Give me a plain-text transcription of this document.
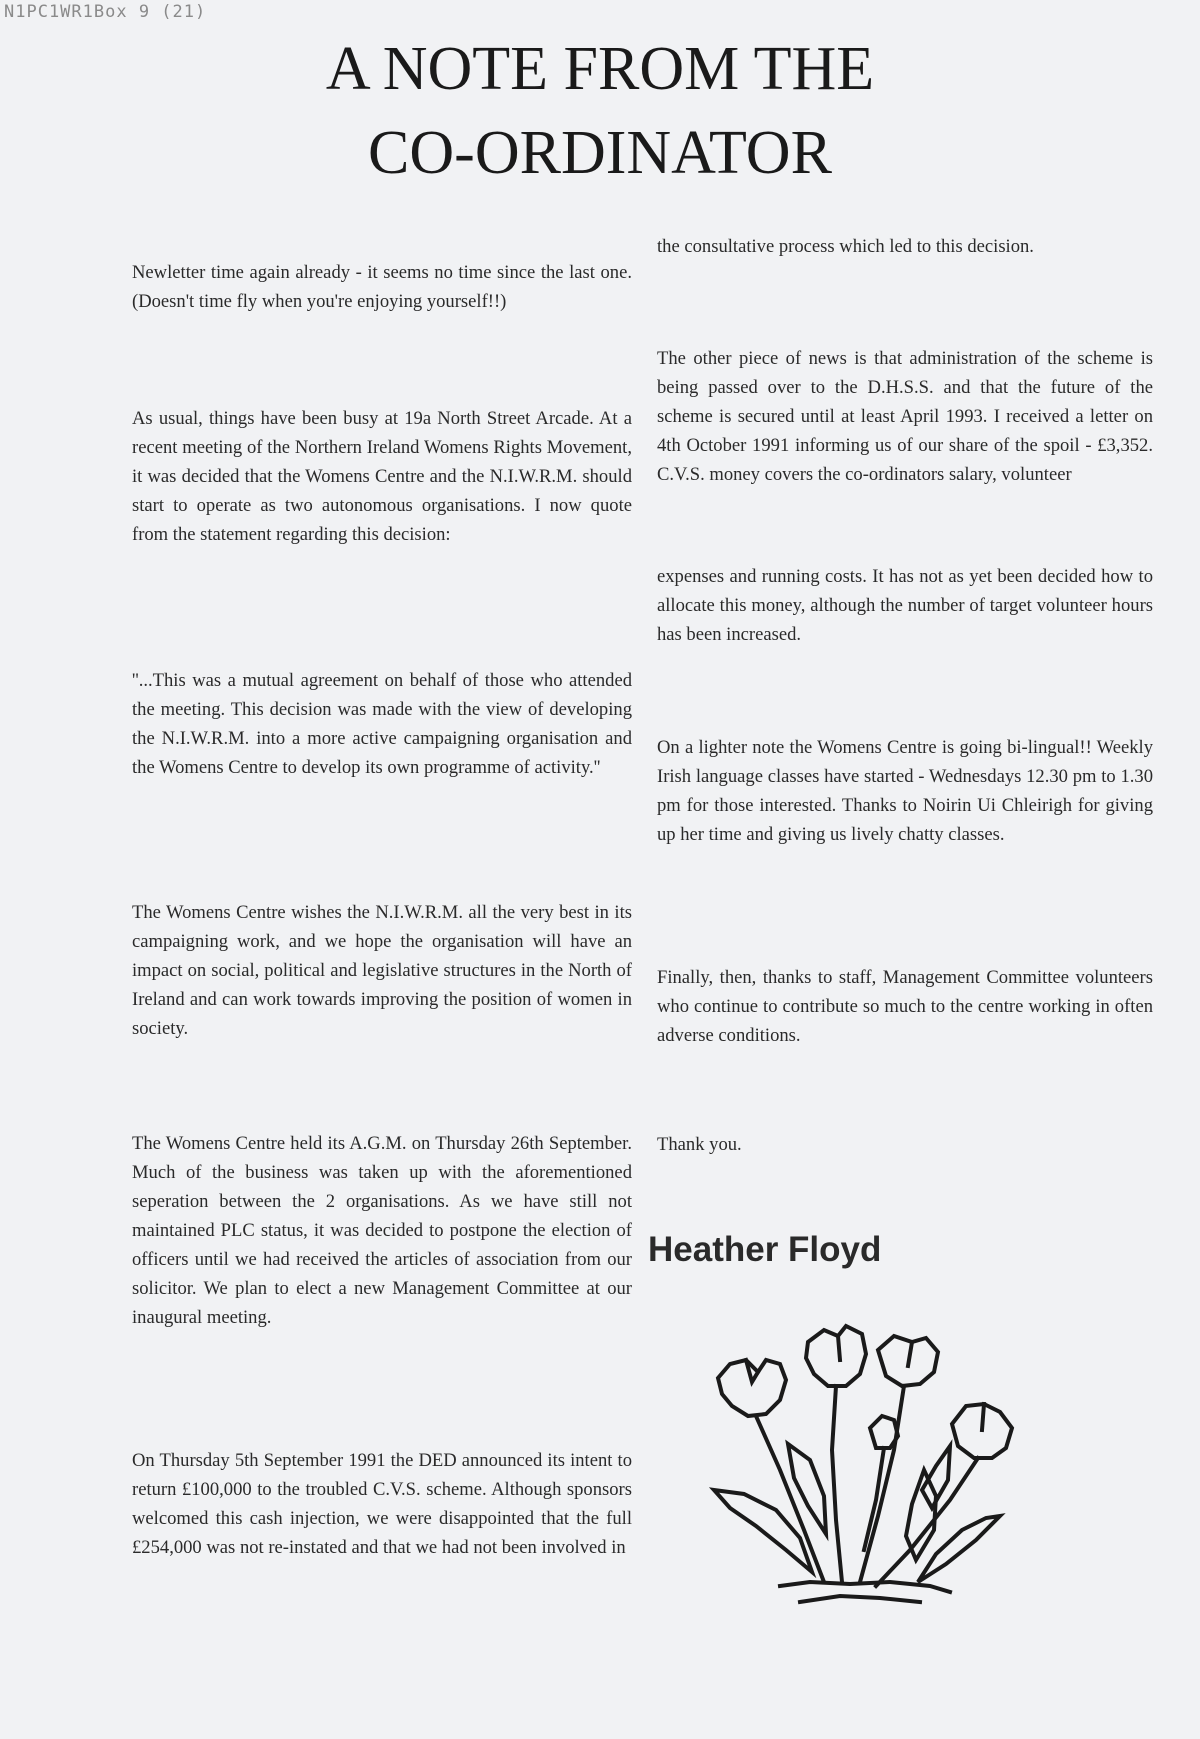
N1PC1WR1Box 9 (21)
A NOTE FROM THE
CO-ORDINATOR

Newletter time again already - it seems no time since the last one. (Doesn't time fly when you're enjoying yourself!!)

As usual, things have been busy at 19a North Street Arcade. At a recent meeting of the Northern Ireland Womens Rights Movement, it was decided that the Womens Centre and the N.I.W.R.M. should start to operate as two autonomous organisations. I now quote from the statement regarding this decision:

''...This was a mutual agreement on behalf of those who attended the meeting. This decision was made with the view of developing the N.I.W.R.M. into a more active campaigning organisation and the Womens Centre to develop its own programme of activity.''

The Womens Centre wishes the N.I.W.R.M. all the very best in its campaigning work, and we hope the organisation will have an impact on social, political and legislative structures in the North of Ireland and can work towards improving the position of women in society.

The Womens Centre held its A.G.M. on Thursday 26th September. Much of the business was taken up with the aforementioned seperation between the 2 organisations. As we have still not maintained PLC status, it was decided to postpone the election of officers until we had received the articles of association from our solicitor. We plan to elect a new Management Committee at our inaugural meeting.

On Thursday 5th September 1991 the DED announced its intent to return £100,000 to the troubled C.V.S. scheme. Although sponsors welcomed this cash injection, we were disappointed that the full £254,000 was not re-instated and that we had not been involved in

the consultative process which led to this decision.

The other piece of news is that administration of the scheme is being passed over to the D.H.S.S. and that the future of the scheme is secured until at least April 1993. I received a letter on 4th October 1991 informing us of our share of the spoil - £3,352. C.V.S. money covers the co-ordinators salary, volunteer

expenses and running costs. It has not as yet been decided how to allocate this money, although the number of target volunteer hours has been increased.

On a lighter note the Womens Centre is going bi-lingual!! Weekly Irish language classes have started - Wednesdays 12.30 pm to 1.30 pm for those interested. Thanks to Noirin Ui Chleirigh for giving up her time and giving us lively chatty classes.

Finally, then, thanks to staff, Management Committee volunteers who continue to contribute so much to the centre working in often adverse conditions.

Thank you.

Heather Floyd
